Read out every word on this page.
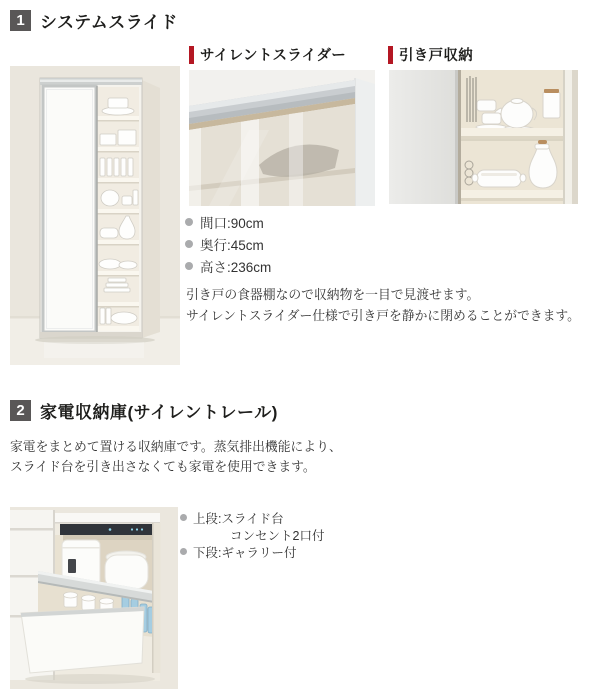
1 システムスライド
サイレントスライダー	引き戸収納
間口:90cm
奥行:45cm
高さ:236cm

引き戸の食器棚なので収納物を一目で見渡せます。

サイレントスライダー仕様で引き戸を静かに閉めることができます。

2 家電収納庫(サイレントレール)

家電をまとめて置ける収納庫です。蒸気排出機能により、スライド台を引き出さなくても家電を使用できます。

上段:スライド台
コンセント2口付
下段:ギャラリー付
